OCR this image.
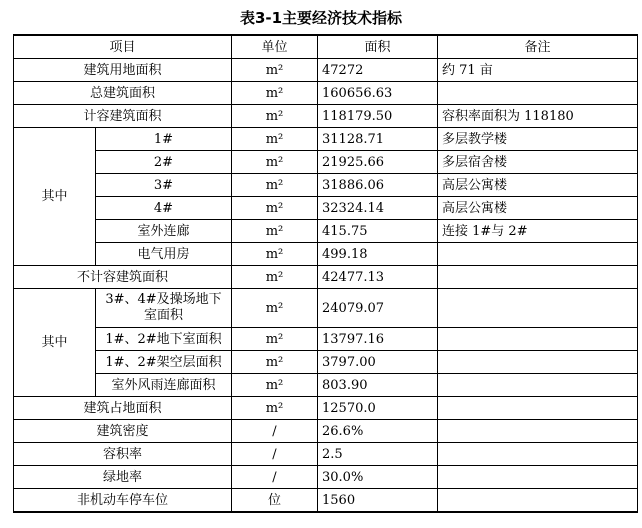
表3-1主要经济技术指标
项目		单位	面积	备注
建筑用地面积		m²	47272	约 71 亩
总建筑面积		m²	160656.63	
计容建筑面积		m²	118179.50	容积率面积为 118180
其中	1#	m²	31128.71	多层教学楼
	2#	m²	21925.66	多层宿舍楼
	3#	m²	31886.06	高层公寓楼
	4#	m²	32324.14	高层公寓楼
	室外连廊	m²	415.75	连接 1#与 2#
	电气用房	m²	499.18	
不计容建筑面积		m²	42477.13	
其中	3#、4#及操场地下室面积	m²	24079.07	
	1#、2#地下室面积	m²	13797.16	
	1#、2#架空层面积	m²	3797.00	
	室外风雨连廊面积	m²	803.90	
建筑占地面积		m²	12570.0	
建筑密度		/	26.6%	
容积率		/	2.5	
绿地率		/	30.0%	
非机动车停车位		位	1560	
